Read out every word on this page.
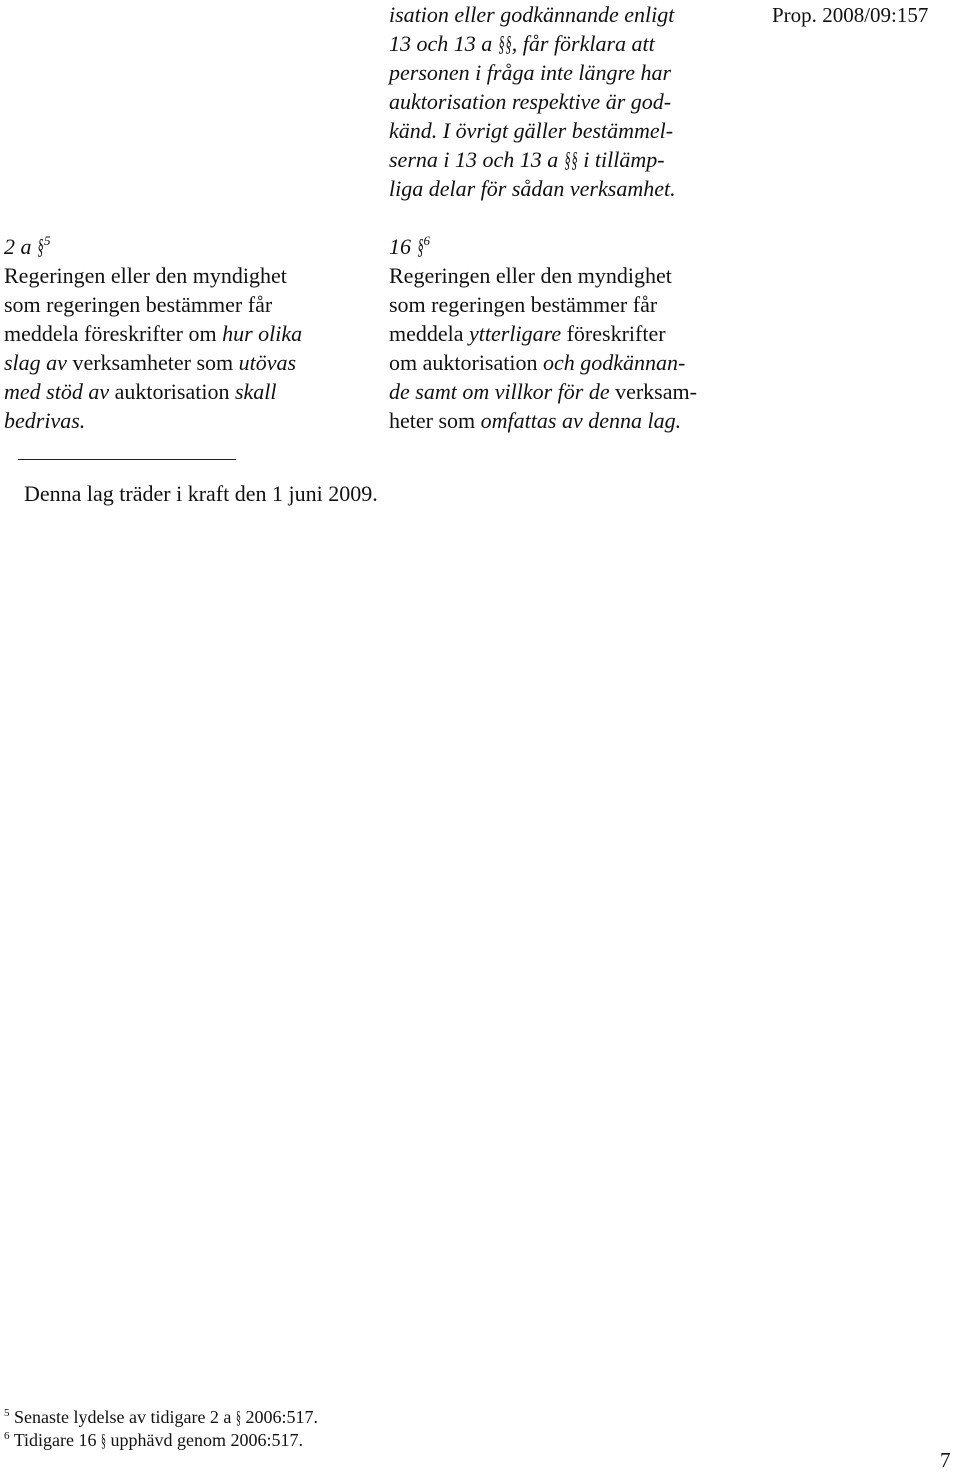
Prop. 2008/09:157
isation eller godkännande enligt
13 och 13 a §§, får förklara att
personen i fråga inte längre har
auktorisation respektive är god-
känd. I övrigt gäller bestämmel-
serna i 13 och 13 a §§ i tillämp-
liga delar för sådan verksamhet.
2 a §$^5$
Regeringen eller den myndighet
som regeringen bestämmer får
meddela föreskrifter om hur olika
slag av verksamheter som utövas
med stöd av auktorisation skall
bedrivas.
16 §$^6$
Regeringen eller den myndighet
som regeringen bestämmer får
meddela ytterligare föreskrifter
om auktorisation och godkännan-
de samt om villkor för de verksam-
heter som omfattas av denna lag.
Denna lag träder i kraft den 1 juni 2009.
$^5$ Senaste lydelse av tidigare 2 a § 2006:517.
$^6$ Tidigare 16 § upphävd genom 2006:517.
7
